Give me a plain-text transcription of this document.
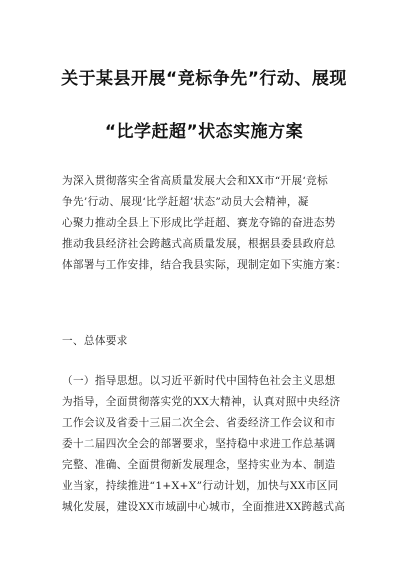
关于某县开展“竞标争先”行动、展现
“比学赶超”状态实施方案
为深入贯彻落实全省高质量发展大会和XX市“开展‘竞标
争先’行动、展现‘比学赶超’状态”动员大会精神，凝
心聚力推动全县上下形成比学赶超、赛龙夺锦的奋进态势
推动我县经济社会跨越式高质量发展，根据县委县政府总
体部署与工作安排，结合我县实际，现制定如下实施方案：
一、总体要求
（一）指导思想。以习近平新时代中国特色社会主义思想
为指导，全面贯彻落实党的XX大精神，认真对照中央经济
工作会议及省委十三届二次全会、省委经济工作会议和市
委十二届四次全会的部署要求，坚持稳中求进工作总基调
完整、准确、全面贯彻新发展理念，坚持实业为本、制造
业当家，持续推进“1+X+X”行动计划，加快与XX市区同
城化发展，建设XX市域副中心城市，全面推进XX跨越式高
